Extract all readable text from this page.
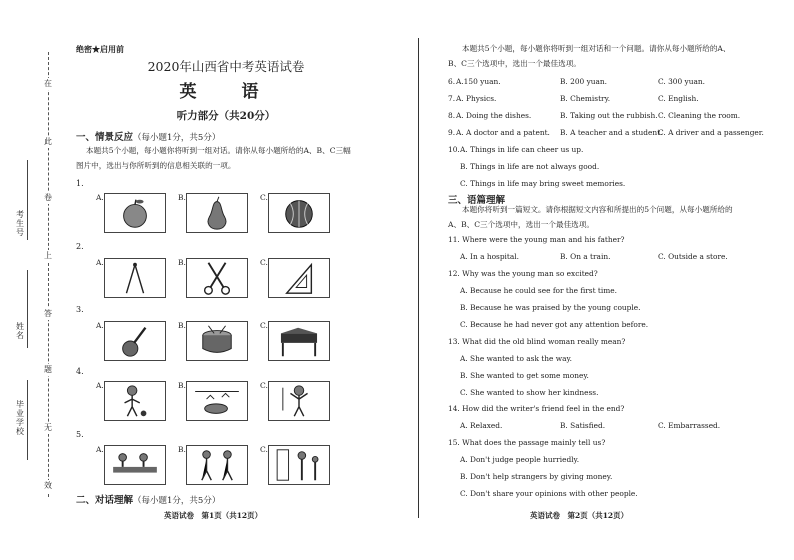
在
此
卷
上
答
题
无
效
考生号
姓名
毕业学校
绝密★启用前
2020年山西省中考英语试卷
英　语
听力部分（共20分）
一、情景反应（每小题1分，共5分）
本题共5个小题，每小题你将听到一组对话。请你从每小题所给的A、B、C三幅
图片中，选出与你所听到的信息相关联的一项。
1.
A.	B.	C.
2.
A.	B.	C.
3.
A.	B.	C.
4.
A.	B.	C.
5.
A.	B.	C.
二、对话理解（每小题1分，共5分）
英语试卷　第1页（共12页）
本题共5个小题，每小题你将听到一组对话和一个问题。请你从每小题所给的A、
B、C三个选项中，选出一个最佳选项。
6. A.150 yuan.	B. 200 yuan.	C. 300 yuan.
7. A. Physics.	B. Chemistry.	C. English.
8. A. Doing the dishes.	B. Taking out the rubbish. C. Cleaning the room.
9. A. A doctor and a patent. B. A teacher and a student.
C. A driver and a passenger.
10. A. Things in life can cheer us up.
B. Things in life are not always good.
C. Things in life may bring sweet memories.
三、语篇理解
本题你将听到一篇短文。请你根据短文内容和所提出的5个问题，从每小题所给的
A、B、C三个选项中，选出一个最佳选项。
11. Where were the young man and his father?
A. In a hospital.	B. On a train.	C. Outside a store.
12. Why was the young man so excited?
A. Because he could see for the first time.
B. Because he was praised by the young couple.
C. Because he had never got any attention before.
13. What did the old blind woman really mean?
A. She wanted to ask the way.
B. She wanted to get some money.
C. She wanted to show her kindness.
14. How did the writer's friend feel in the end?
A. Relaxed.	B. Satisfied.	C. Embarrassed.
15. What does the passage mainly tell us?
A. Don't judge people hurriedly.
B. Don't help strangers by giving money.
C. Don't share your opinions with other people.
英语试卷　第2页（共12页）
